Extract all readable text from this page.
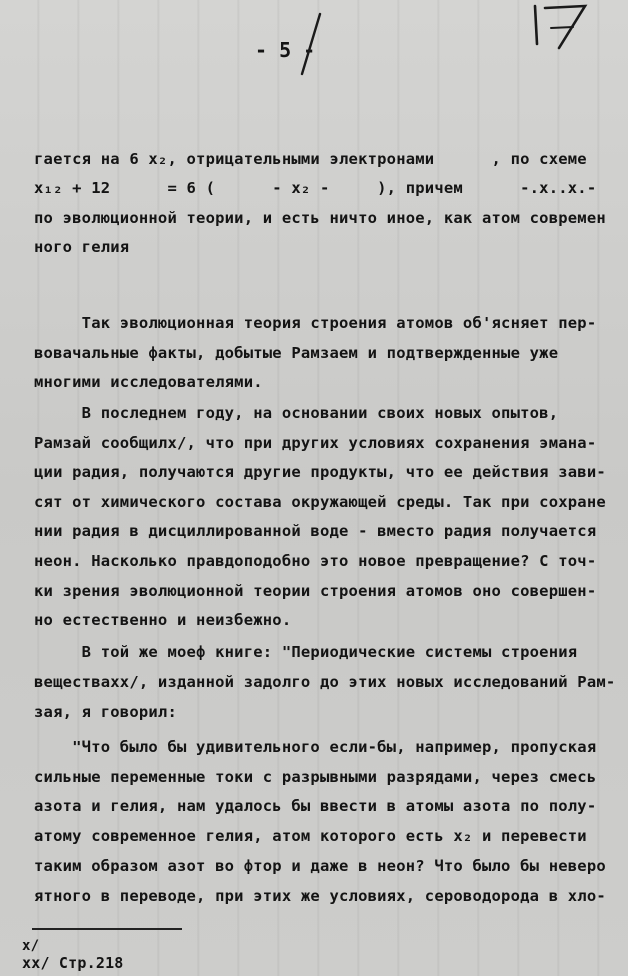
- 5 -
гается на 6 x₂, отрицательными электронами      , по схеме
x₁₂ + 12      = 6 (      - x₂ -     ), причем      -.x..x.-
по эволюционной теории, и есть ничто иное, как атом современ
ного гелия
Так эволюционная теория строения атомов об'ясняет пер-
вовачальные факты, добытые Рамзаем и подтвержденные уже
многими исследователями.
В последнем году, на основании своих новых опытов,
Рамзай сообщилx/, что при других условиях сохранения эмана-
ции радия, получаются другие продукты, что ее действия зави-
сят от химического состава окружающей среды. Так при сохране
нии радия в дисциллированной воде - вместо радия получается
неон. Насколько правдоподобно это новое превращение? С точ-
ки зрения эволюционной теории строения атомов оно совершен-
но естественно и неизбежно.
В той же моеф книге: "Периодические системы строения
веществаxx/, изданной задолго до этих новых исследований Рам-
зая, я говорил:
"Что было бы удивительного если-бы, например, пропуская
сильные переменные токи с разрывными разрядами, через смесь
азота и гелия, нам удалось бы ввести в атомы азота по полу-
атому современное гелия, атом которого есть x₂ и перевести
таким образом азот во фтор и даже в неон? Что было бы неверо
ятного в переводе, при этих же условиях, сероводорода в хло-
x/
xx/ Стр.218
